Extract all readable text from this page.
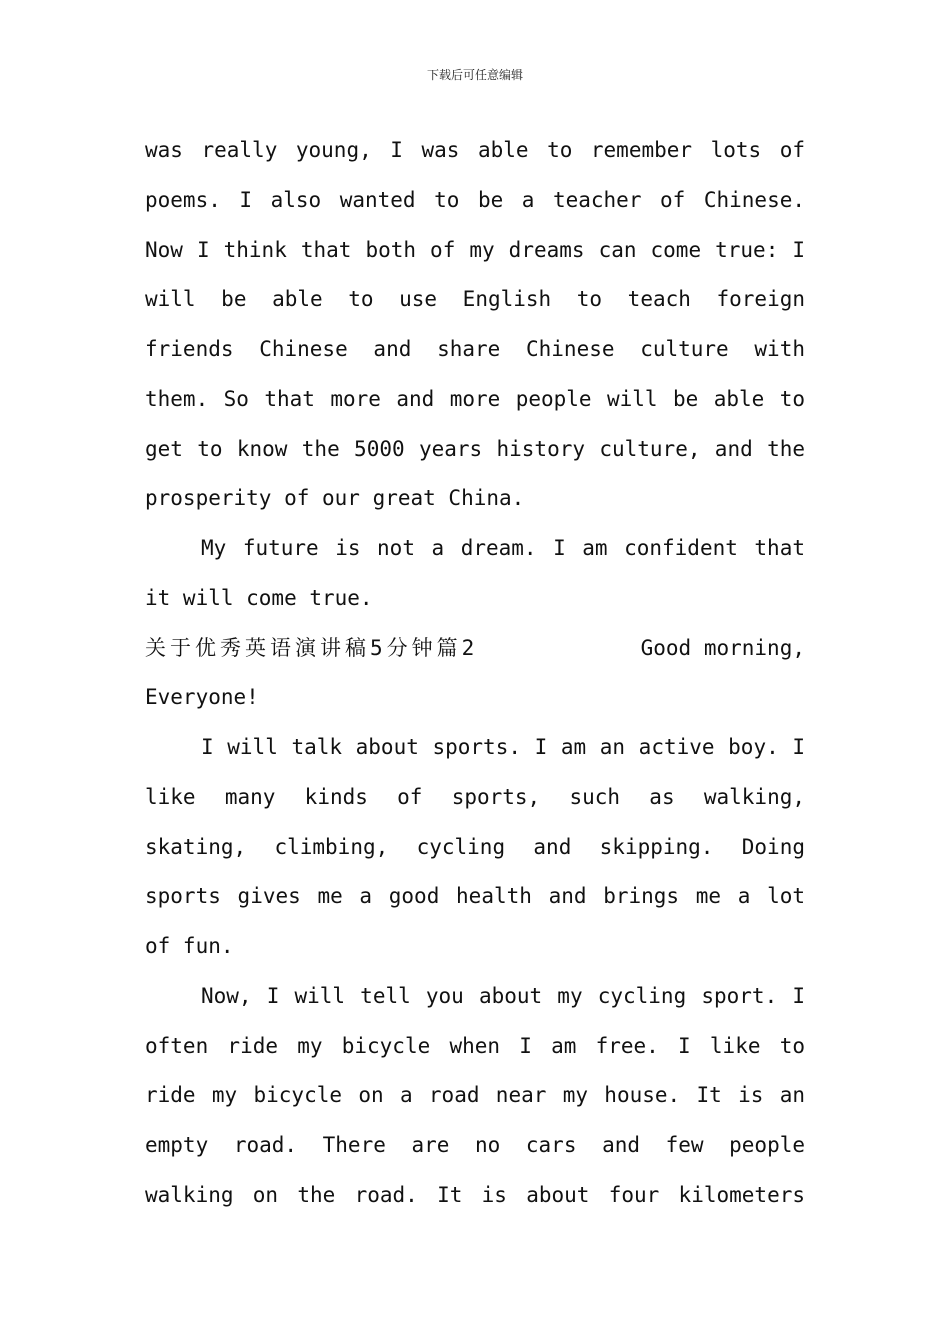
下载后可任意编辑
was really young, I was able to remember lots of
poems. I also wanted to be a teacher of Chinese.
Now I think that both of my dreams can come true: I
will be able to use English to teach foreign
friends Chinese and share Chinese culture with
them. So that more and more people will be able to
get to know the 5000 years history culture, and the
prosperity of our great China.
My future is not a dream. I am confident that
it will come true.
关于优秀英语演讲稿5分钟篇2	Good morning,
Everyone!
I will talk about sports. I am an active boy. I
like many kinds of sports, such as walking,
skating, climbing, cycling and skipping. Doing
sports gives me a good health and brings me a lot
of fun.
Now, I will tell you about my cycling sport. I
often ride my bicycle when I am free. I like to
ride my bicycle on a road near my house. It is an
empty road. There are no cars and few people
walking on the road. It is about four kilometers
